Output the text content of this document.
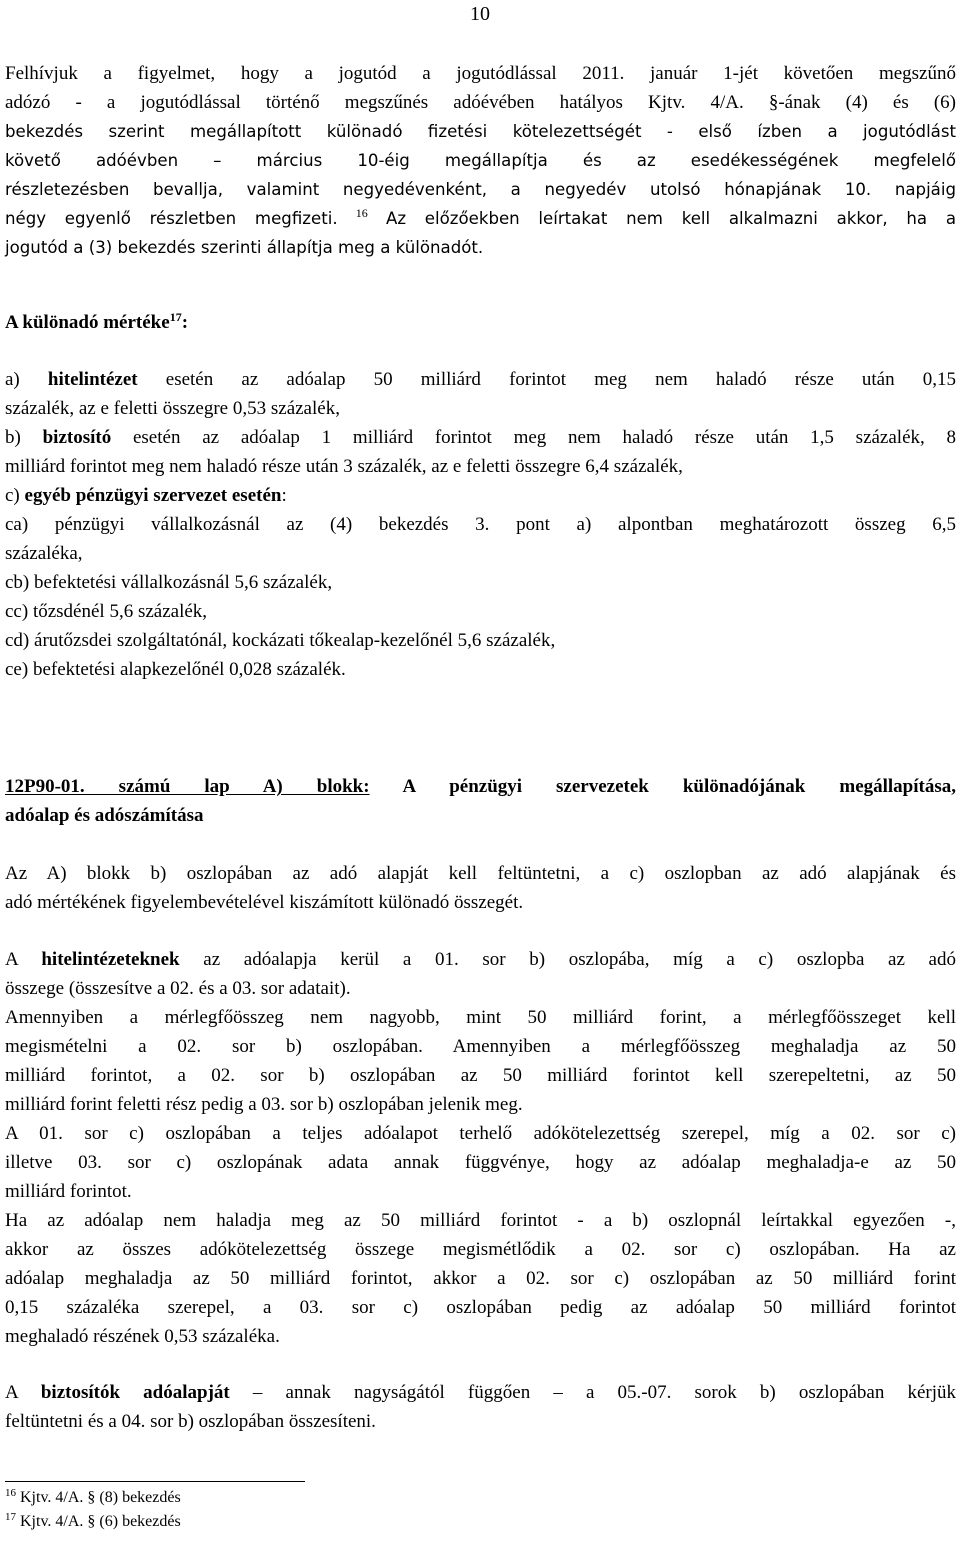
10

Felhívjuk a figyelmet, hogy a jogutód a jogutódlással 2011. január 1-jét követően megszűnő

adózó - a jogutódlással történő megszűnés adóévében hatályos Kjtv. 4/A. §-ának (4) és (6)

bekezdés szerint megállapított különadó fizetési kötelezettségét - első ízben a jogutódlást

követő adóévben – március 10-éig megállapítja és az esedékességének megfelelő

részletezésben bevallja, valamint negyedévenként, a negyedév utolsó hónapjának 10. napjáig

négy egyenlő részletben megfizeti. $^{16}$ Az előzőekben leírtakat nem kell alkalmazni akkor, ha a

jogutód a (3) bekezdés szerinti állapítja meg a különadót.

A különadó mértéke$^{17}$:

a) hitelintézet esetén az adóalap 50 milliárd forintot meg nem haladó része után 0,15

százalék, az e feletti összegre 0,53 százalék,

b) biztosító esetén az adóalap 1 milliárd forintot meg nem haladó része után 1,5 százalék, 8

milliárd forintot meg nem haladó része után 3 százalék, az e feletti összegre 6,4 százalék,

c) egyéb pénzügyi szervezet esetén:

ca) pénzügyi vállalkozásnál az (4) bekezdés 3. pont a) alpontban meghatározott összeg 6,5

százaléka,

cb) befektetési vállalkozásnál 5,6 százalék,

cc) tőzsdénél 5,6 százalék,

cd) árutőzsdei szolgáltatónál, kockázati tőkealap-kezelőnél 5,6 százalék,

ce) befektetési alapkezelőnél 0,028 százalék.

12P90-01. számú lap A) blokk: A pénzügyi szervezetek különadójának megállapítása,

adóalap és adószámítása

Az A) blokk b) oszlopában az adó alapját kell feltüntetni, a c) oszlopban az adó alapjának és

adó mértékének figyelembevételével kiszámított különadó összegét.

A hitelintézeteknek az adóalapja kerül a 01. sor b) oszlopába, míg a c) oszlopba az adó

összege (összesítve a 02. és a 03. sor adatait).

Amennyiben a mérlegfőösszeg nem nagyobb, mint 50 milliárd forint, a mérlegfőösszeget kell

megismételni a 02. sor b) oszlopában. Amennyiben a mérlegfőösszeg meghaladja az 50

milliárd forintot, a 02. sor b) oszlopában az 50 milliárd forintot kell szerepeltetni, az 50

milliárd forint feletti rész pedig a 03. sor b) oszlopában jelenik meg.

A 01. sor c) oszlopában a teljes adóalapot terhelő adókötelezettség szerepel, míg a 02. sor c)

illetve 03. sor c) oszlopának adata annak függvénye, hogy az adóalap meghaladja-e az 50

milliárd forintot.

Ha az adóalap nem haladja meg az 50 milliárd forintot - a b) oszlopnál leírtakkal egyezően -,

akkor az összes adókötelezettség összege megismétlődik a 02. sor c) oszlopában. Ha az

adóalap meghaladja az 50 milliárd forintot, akkor a 02. sor c) oszlopában az 50 milliárd forint

0,15 százaléka szerepel, a 03. sor c) oszlopában pedig az adóalap 50 milliárd forintot

meghaladó részének 0,53 százaléka.

A biztosítók adóalapját – annak nagyságától függően – a 05.-07. sorok b) oszlopában kérjük

feltüntetni és a 04. sor b) oszlopában összesíteni.

$^{16}$ Kjtv. 4/A. § (8) bekezdés

$^{17}$ Kjtv. 4/A. § (6) bekezdés
